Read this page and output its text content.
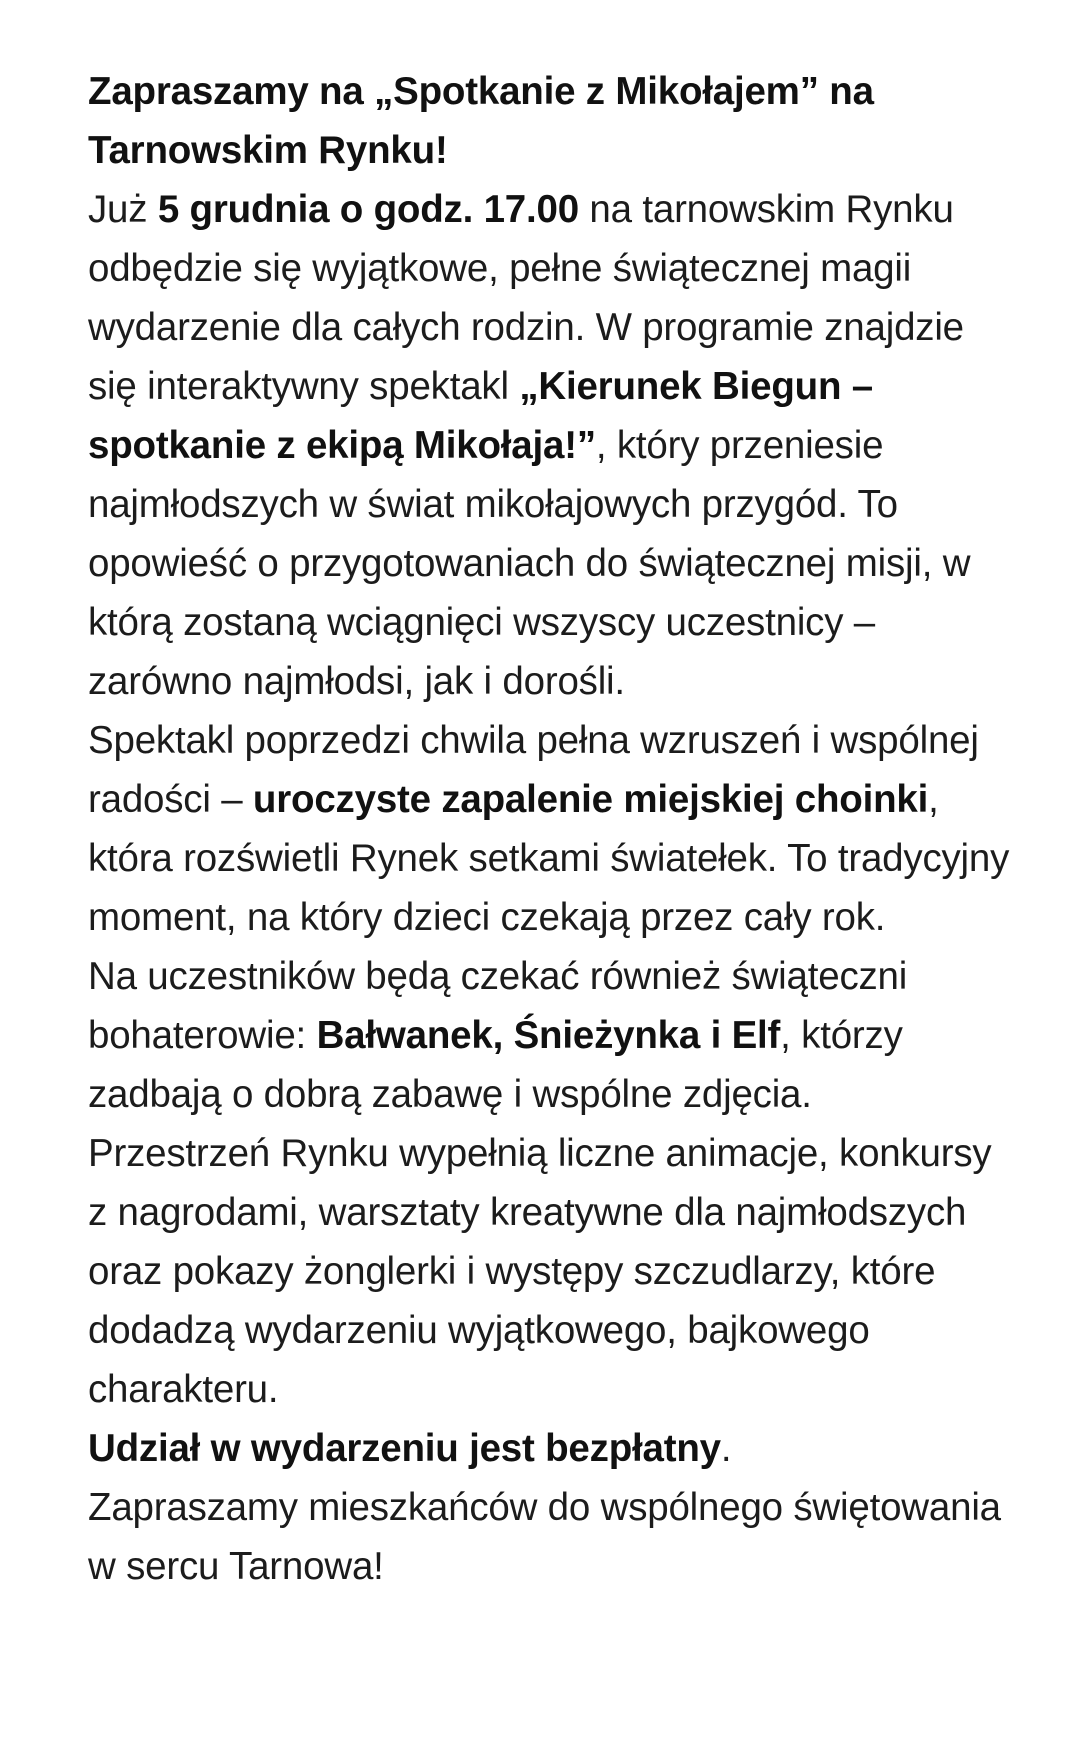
Zapraszamy na „Spotkanie z Mikołajem” na Tarnowskim Rynku!

Już 5 grudnia o godz. 17.00 na tarnowskim Rynku odbędzie się wyjątkowe, pełne świątecznej magii wydarzenie dla całych rodzin. W programie znajdzie się interaktywny spektakl „Kierunek Biegun – spotkanie z ekipą Mikołaja!”, który przeniesie najmłodszych w świat mikołajowych przygód. To opowieść o przygotowaniach do świątecznej misji, w którą zostaną wciągnięci wszyscy uczestnicy – zarówno najmłodsi, jak i dorośli.

Spektakl poprzedzi chwila pełna wzruszeń i wspólnej radości – uroczyste zapalenie miejskiej choinki, która rozświetli Rynek setkami światełek. To tradycyjny moment, na który dzieci czekają przez cały rok.

Na uczestników będą czekać również świąteczni bohaterowie: Bałwanek, Śnieżynka i Elf, którzy zadbają o dobrą zabawę i wspólne zdjęcia.

Przestrzeń Rynku wypełnią liczne animacje, konkursy z nagrodami, warsztaty kreatywne dla najmłodszych oraz pokazy żonglerki i występy szczudlarzy, które dodadzą wydarzeniu wyjątkowego, bajkowego charakteru.

Udział w wydarzeniu jest bezpłatny.

Zapraszamy mieszkańców do wspólnego świętowania w sercu Tarnowa!
